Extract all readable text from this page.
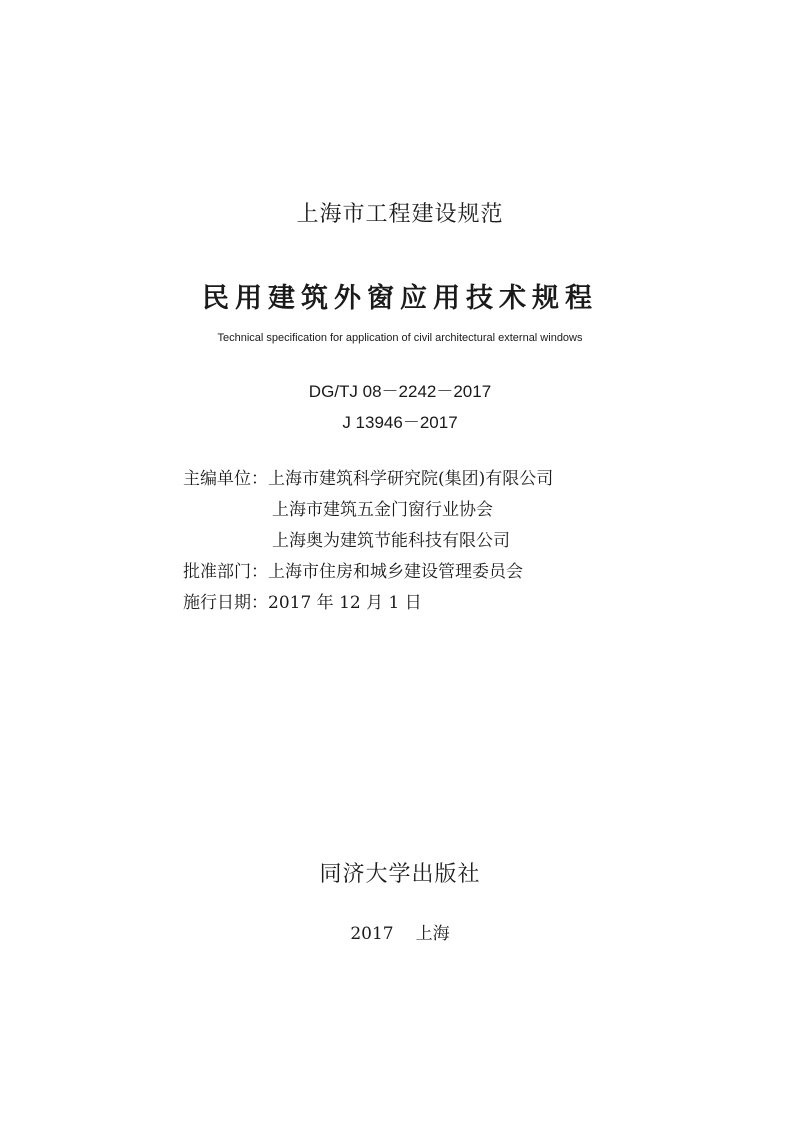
上海市工程建设规范
民用建筑外窗应用技术规程
Technical specification for application of civil architectural external windows
DG/TJ 08－2242－2017
J 13946－2017
主编单位：上海市建筑科学研究院(集团)有限公司
上海市建筑五金门窗行业协会
上海奥为建筑节能科技有限公司
批准部门：上海市住房和城乡建设管理委员会
施行日期：2017 年 12 月 1 日
同济大学出版社
2017 上海
